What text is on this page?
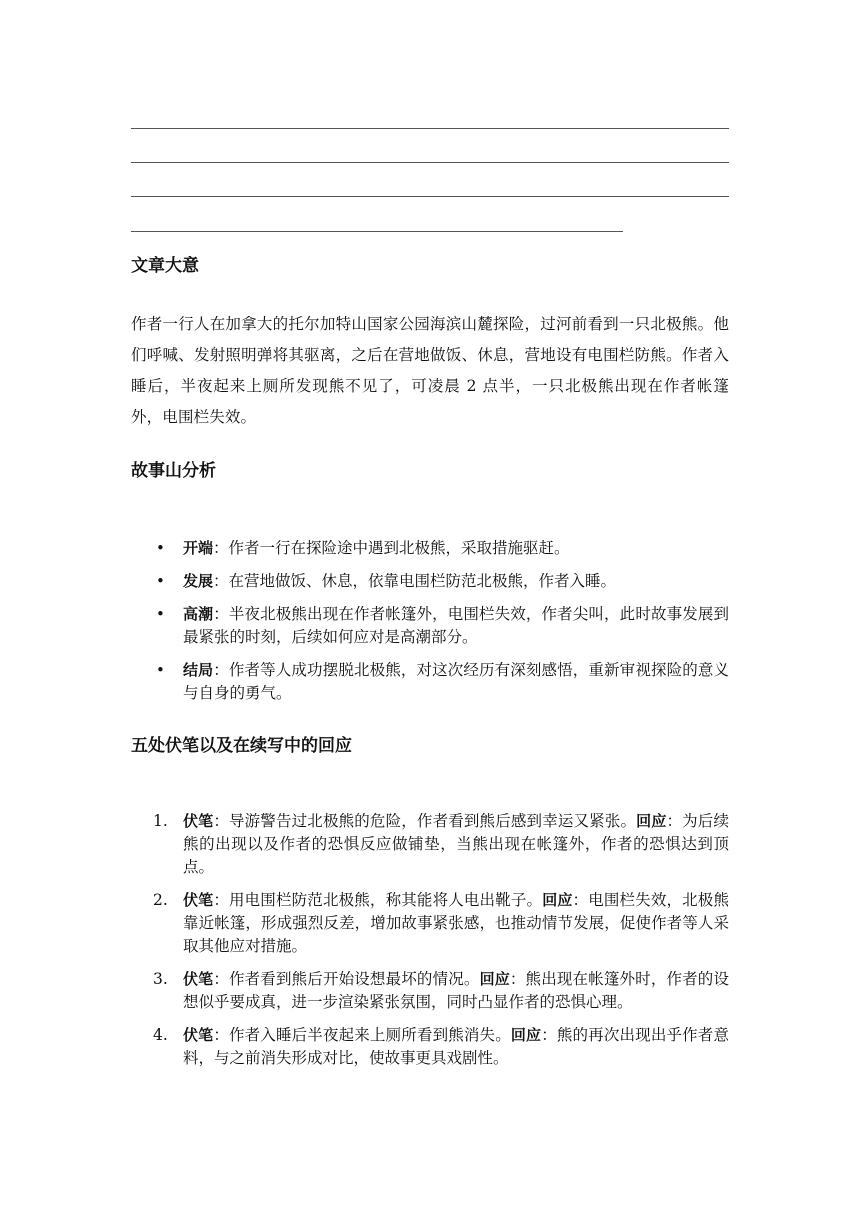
文章大意

作者一行人在加拿大的托尔加特山国家公园海滨山麓探险，过河前看到一只北极熊。他们呼喊、发射照明弹将其驱离，之后在营地做饭、休息，营地设有电围栏防熊。作者入睡后，半夜起来上厕所发现熊不见了，可凌晨 2 点半，一只北极熊出现在作者帐篷外，电围栏失效。

故事山分析
• 开端：作者一行在探险途中遇到北极熊，采取措施驱赶。
• 发展：在营地做饭、休息，依靠电围栏防范北极熊，作者入睡。
• 高潮：半夜北极熊出现在作者帐篷外，电围栏失效，作者尖叫，此时故事发展到最紧张的时刻，后续如何应对是高潮部分。
• 结局：作者等人成功摆脱北极熊，对这次经历有深刻感悟，重新审视探险的意义与自身的勇气。
五处伏笔以及在续写中的回应
1. 伏笔：导游警告过北极熊的危险，作者看到熊后感到幸运又紧张。回应：为后续熊的出现以及作者的恐惧反应做铺垫，当熊出现在帐篷外，作者的恐惧达到顶点。
2. 伏笔：用电围栏防范北极熊，称其能将人电出靴子。回应：电围栏失效，北极熊靠近帐篷，形成强烈反差，增加故事紧张感，也推动情节发展，促使作者等人采取其他应对措施。
3. 伏笔：作者看到熊后开始设想最坏的情况。回应：熊出现在帐篷外时，作者的设想似乎要成真，进一步渲染紧张氛围，同时凸显作者的恐惧心理。
4. 伏笔：作者入睡后半夜起来上厕所看到熊消失。回应：熊的再次出现出乎作者意料，与之前消失形成对比，使故事更具戏剧性。
